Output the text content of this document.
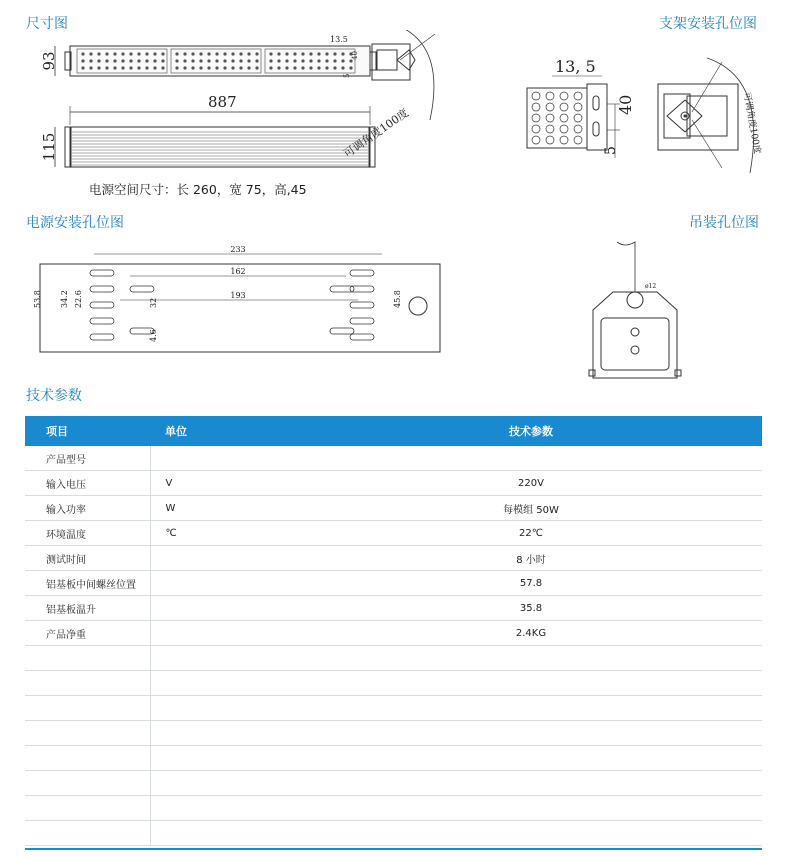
尺寸图	支架安装孔位图
电源安装孔位图	吊装孔位图
技术参数
93
13.5
40
5
887
115	可调角度100度
电源空间尺寸：长 260，宽 75，高,45
13, 5
40
5	可调角度100度
233
162
193
53.8 34.2 22.6	32
4.6
45.8
ø12
项目	单位	技术参数
产品型号		
输入电压	V	220V
输入功率	W	每模组 50W
环境温度	℃	22℃
测试时间		8 小时
铝基板中间螺丝位置		57.8
铝基板温升		35.8
产品净重		2.4KG
